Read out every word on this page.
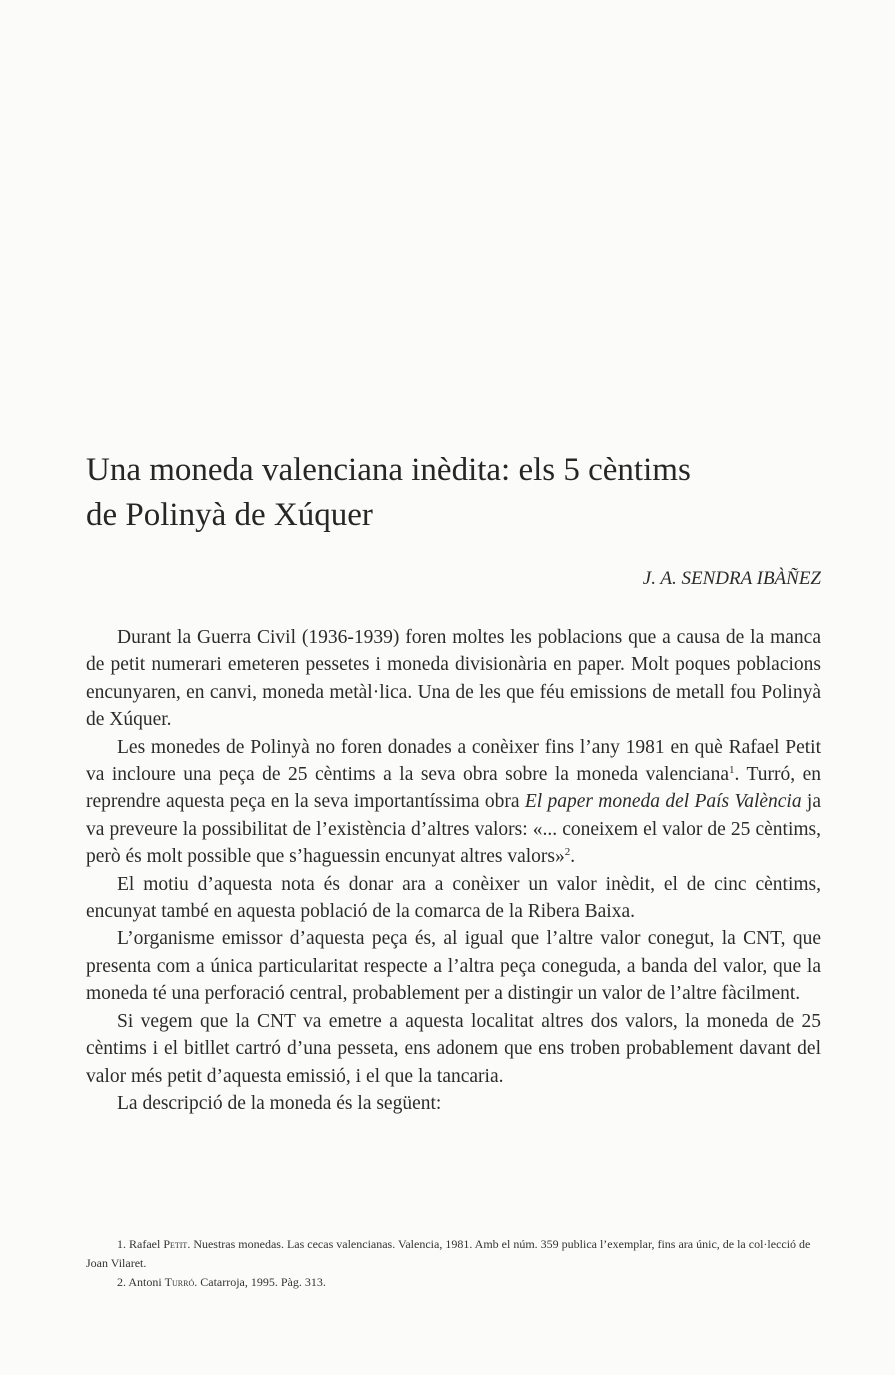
Una moneda valenciana inèdita: els 5 cèntims
de Polinyà de Xúquer
J. A. SENDRA IBÀÑEZ

Durant la Guerra Civil (1936-1939) foren moltes les poblacions que a causa de la manca de petit numerari emeteren pessetes i moneda divisionària en paper. Molt poques poblacions encunyaren, en canvi, moneda metàl·lica. Una de les que féu emissions de metall fou Polinyà de Xúquer.

Les monedes de Polinyà no foren donades a conèixer fins l’any 1981 en què Rafael Petit va incloure una peça de 25 cèntims a la seva obra sobre la moneda valenciana$^1$. Turró, en reprendre aquesta peça en la seva importantíssima obra El paper moneda del País València ja va preveure la possibilitat de l’existència d’altres valors: «... coneixem el valor de 25 cèntims, però és molt possible que s’haguessin encunyat altres valors»$^2$.

El motiu d’aquesta nota és donar ara a conèixer un valor inèdit, el de cinc cèntims, encunyat també en aquesta població de la comarca de la Ribera Baixa.

L’organisme emissor d’aquesta peça és, al igual que l’altre valor conegut, la CNT, que presenta com a única particularitat respecte a l’altra peça coneguda, a banda del valor, que la moneda té una perforació central, probablement per a distingir un valor de l’altre fàcilment.

Si vegem que la CNT va emetre a aquesta localitat altres dos valors, la moneda de 25 cèntims i el bitllet cartró d’una pesseta, ens adonem que ens troben probablement davant del valor més petit d’aquesta emissió, i el que la tancaria.

La descripció de la moneda és la següent:

1. Rafael Petit. Nuestras monedas. Las cecas valencianas. Valencia, 1981. Amb el núm. 359 publica l’exemplar, fins ara únic, de la col·lecció de Joan Vilaret.

2. Antoni Turró. Catarroja, 1995. Pàg. 313.
